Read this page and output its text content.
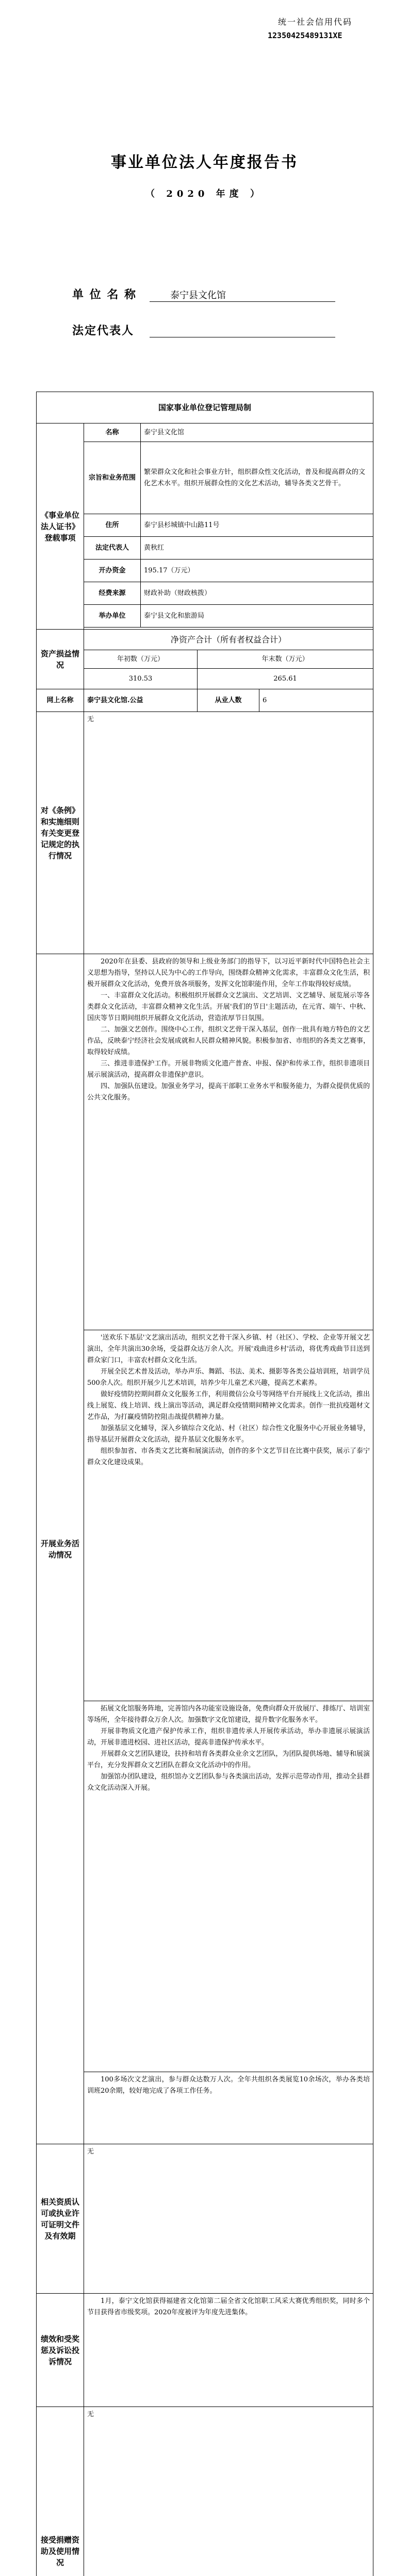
统一社会信用代码
12350425489131XE
事业单位法人年度报告书
（ 2020 年度 ）
单 位 名 称	泰宁县文化馆
法定代表人
国家事业单位登记管理局制				
《事业单位法人证书》登载事项	名称	泰宁县文化馆		
	宗旨和业务范围	繁荣群众文化和社会事业方针，组织群众性文化活动，普及和提高群众的文化艺术水平。组织开展群众性的文化艺术活动，辅导各类文艺骨干。		
	住所	泰宁县杉城镇中山路11号		
	法定代表人	黄秋红		
	开办资金	195.17（万元）		
	经费来源	财政补助（财政核拨）		
	举办单位	泰宁县文化和旅游局		

资产损益情况	净资产合计（所有者权益合计）			
	年初数（万元）		年末数（万元）	
	310.53		265.61	
网上名称	泰宁县文化馆.公益		从业人数	6
对《条例》和实施细则有关变更登记规定的执行情况	无			
开展业务活动情况	2020年在县委、县政府的领导和上级业务部门的指导下，以习近平新时代中国特色社会主义思想为指导，坚持以人民为中心的工作导向，围绕群众精神文化需求，丰富群众文化生活，积极开展群众文化活动，免费开放各项服务，发挥文化馆职能作用，全年工作取得较好成绩。

一、丰富群众文化活动。积极组织开展群众文艺演出、文艺培训、文艺辅导、展览展示等各类群众文化活动，丰富群众精神文化生活。开展'我们的节日'主题活动，在元宵、端午、中秋、国庆等节日期间组织开展群众文化活动，营造浓厚节日氛围。

二、加强文艺创作。围绕中心工作，组织文艺骨干深入基层，创作一批具有地方特色的文艺作品，反映泰宁经济社会发展成就和人民群众精神风貌。积极参加省、市组织的各类文艺赛事，取得较好成绩。

三、推进非遗保护工作。开展非物质文化遗产普查、申报、保护和传承工作，组织非遗项目展示展演活动，提高群众非遗保护意识。

四、加强队伍建设。加强业务学习，提高干部职工业务水平和服务能力，为群众提供优质的公共文化服务。			

	'送欢乐下基层'文艺演出活动，组织文艺骨干深入乡镇、村（社区）、学校、企业等开展文艺演出，全年共演出30余场，受益群众达万余人次。开展'戏曲进乡村'活动，将优秀戏曲节目送到群众家门口，丰富农村群众文化生活。

开展全民艺术普及活动，举办声乐、舞蹈、书法、美术、摄影等各类公益培训班，培训学员500余人次。组织开展少儿艺术培训，培养少年儿童艺术兴趣，提高艺术素养。

做好疫情防控期间群众文化服务工作，利用微信公众号等网络平台开展线上文化活动，推出线上展览、线上培训、线上演出等活动，满足群众疫情期间精神文化需求。创作一批抗疫题材文艺作品，为打赢疫情防控阻击战提供精神力量。

加强基层文化辅导，深入乡镇综合文化站、村（社区）综合性文化服务中心开展业务辅导，指导基层开展群众文化活动，提升基层文化服务水平。

组织参加省、市各类文艺比赛和展演活动，创作的多个文艺节目在比赛中获奖，展示了泰宁群众文化建设成果。			

	拓展文化馆服务阵地，完善馆内各功能室设施设备，免费向群众开放展厅、排练厅、培训室等场所，全年接待群众万余人次。加强数字文化馆建设，提升数字化服务水平。

开展非物质文化遗产保护传承工作，组织非遗传承人开展传承活动，举办非遗展示展演活动，开展非遗进校园、进社区活动，提高非遗保护传承水平。

开展群众文艺团队建设，扶持和培育各类群众业余文艺团队，为团队提供场地、辅导和展演平台，充分发挥群众文艺团队在群众文化活动中的作用。

加强馆办团队建设，组织馆办文艺团队参与各类演出活动，发挥示范带动作用，推动全县群众文化活动深入开展。			

	100多场次文艺演出，参与群众达数万人次。全年共组织各类展览10余场次，举办各类培训班20余期，较好地完成了各项工作任务。			

相关资质认可或执业许可证明文件及有效期	无			
绩效和受奖惩及诉讼投诉情况	1月，泰宁文化馆获得福建省文化馆第二届全省文化馆职工风采大赛优秀组织奖，同时多个节目获得省市级奖项。2020年度被评为年度先进集体。			
接受捐赠资助及使用情况	无			
